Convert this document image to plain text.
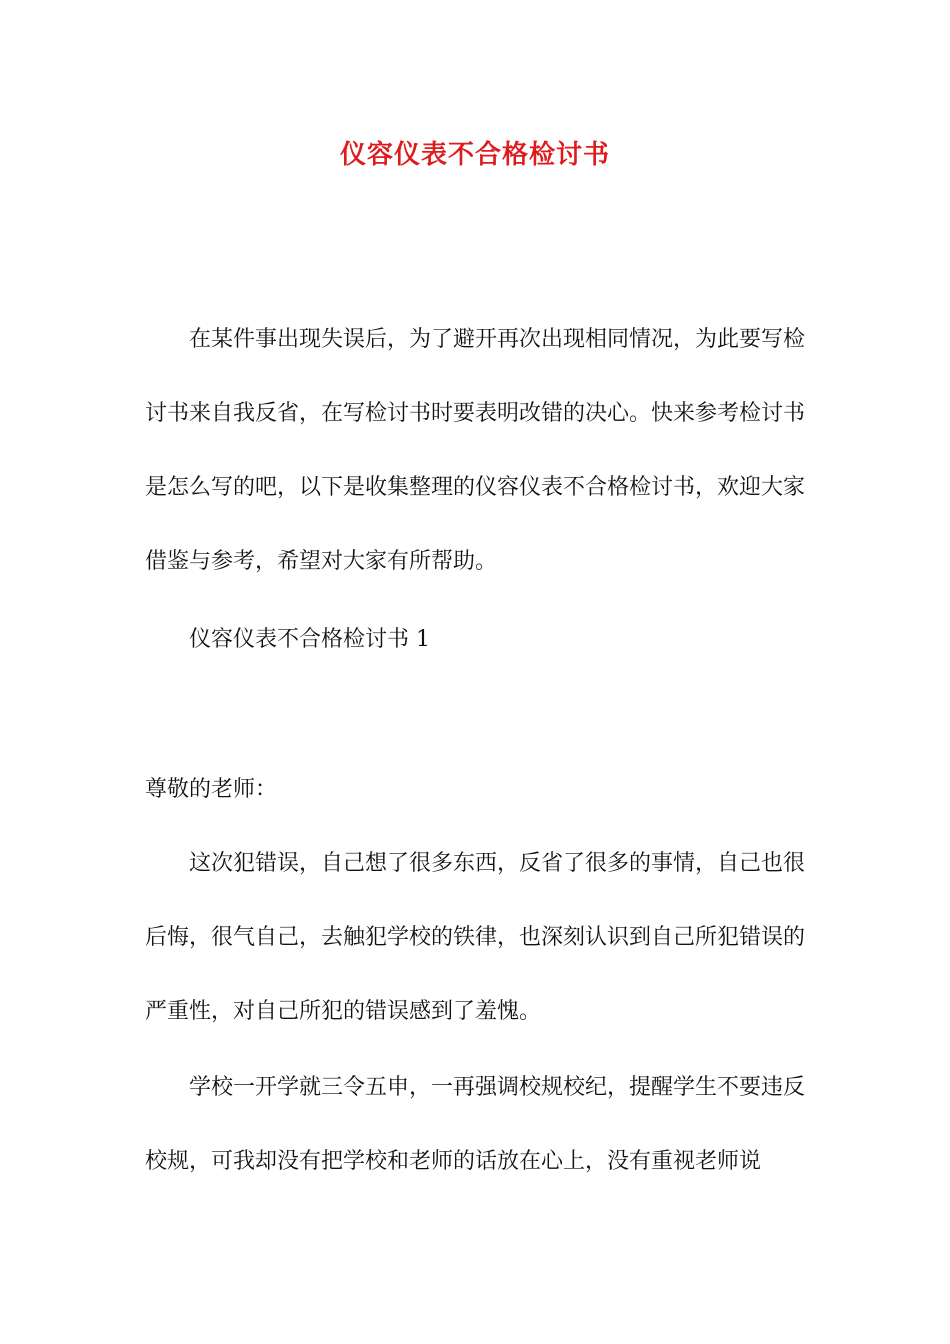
仪容仪表不合格检讨书

在某件事出现失误后，为了避开再次出现相同情况，为此要写检讨书来自我反省，在写检讨书时要表明改错的决心。快来参考检讨书是怎么写的吧，以下是收集整理的仪容仪表不合格检讨书，欢迎大家借鉴与参考，希望对大家有所帮助。

仪容仪表不合格检讨书 1

尊敬的老师：

这次犯错误，自己想了很多东西，反省了很多的事情，自己也很后悔，很气自己，去触犯学校的铁律，也深刻认识到自己所犯错误的严重性，对自己所犯的错误感到了羞愧。

学校一开学就三令五申，一再强调校规校纪，提醒学生不要违反校规，可我却没有把学校和老师的话放在心上，没有重视老师说
